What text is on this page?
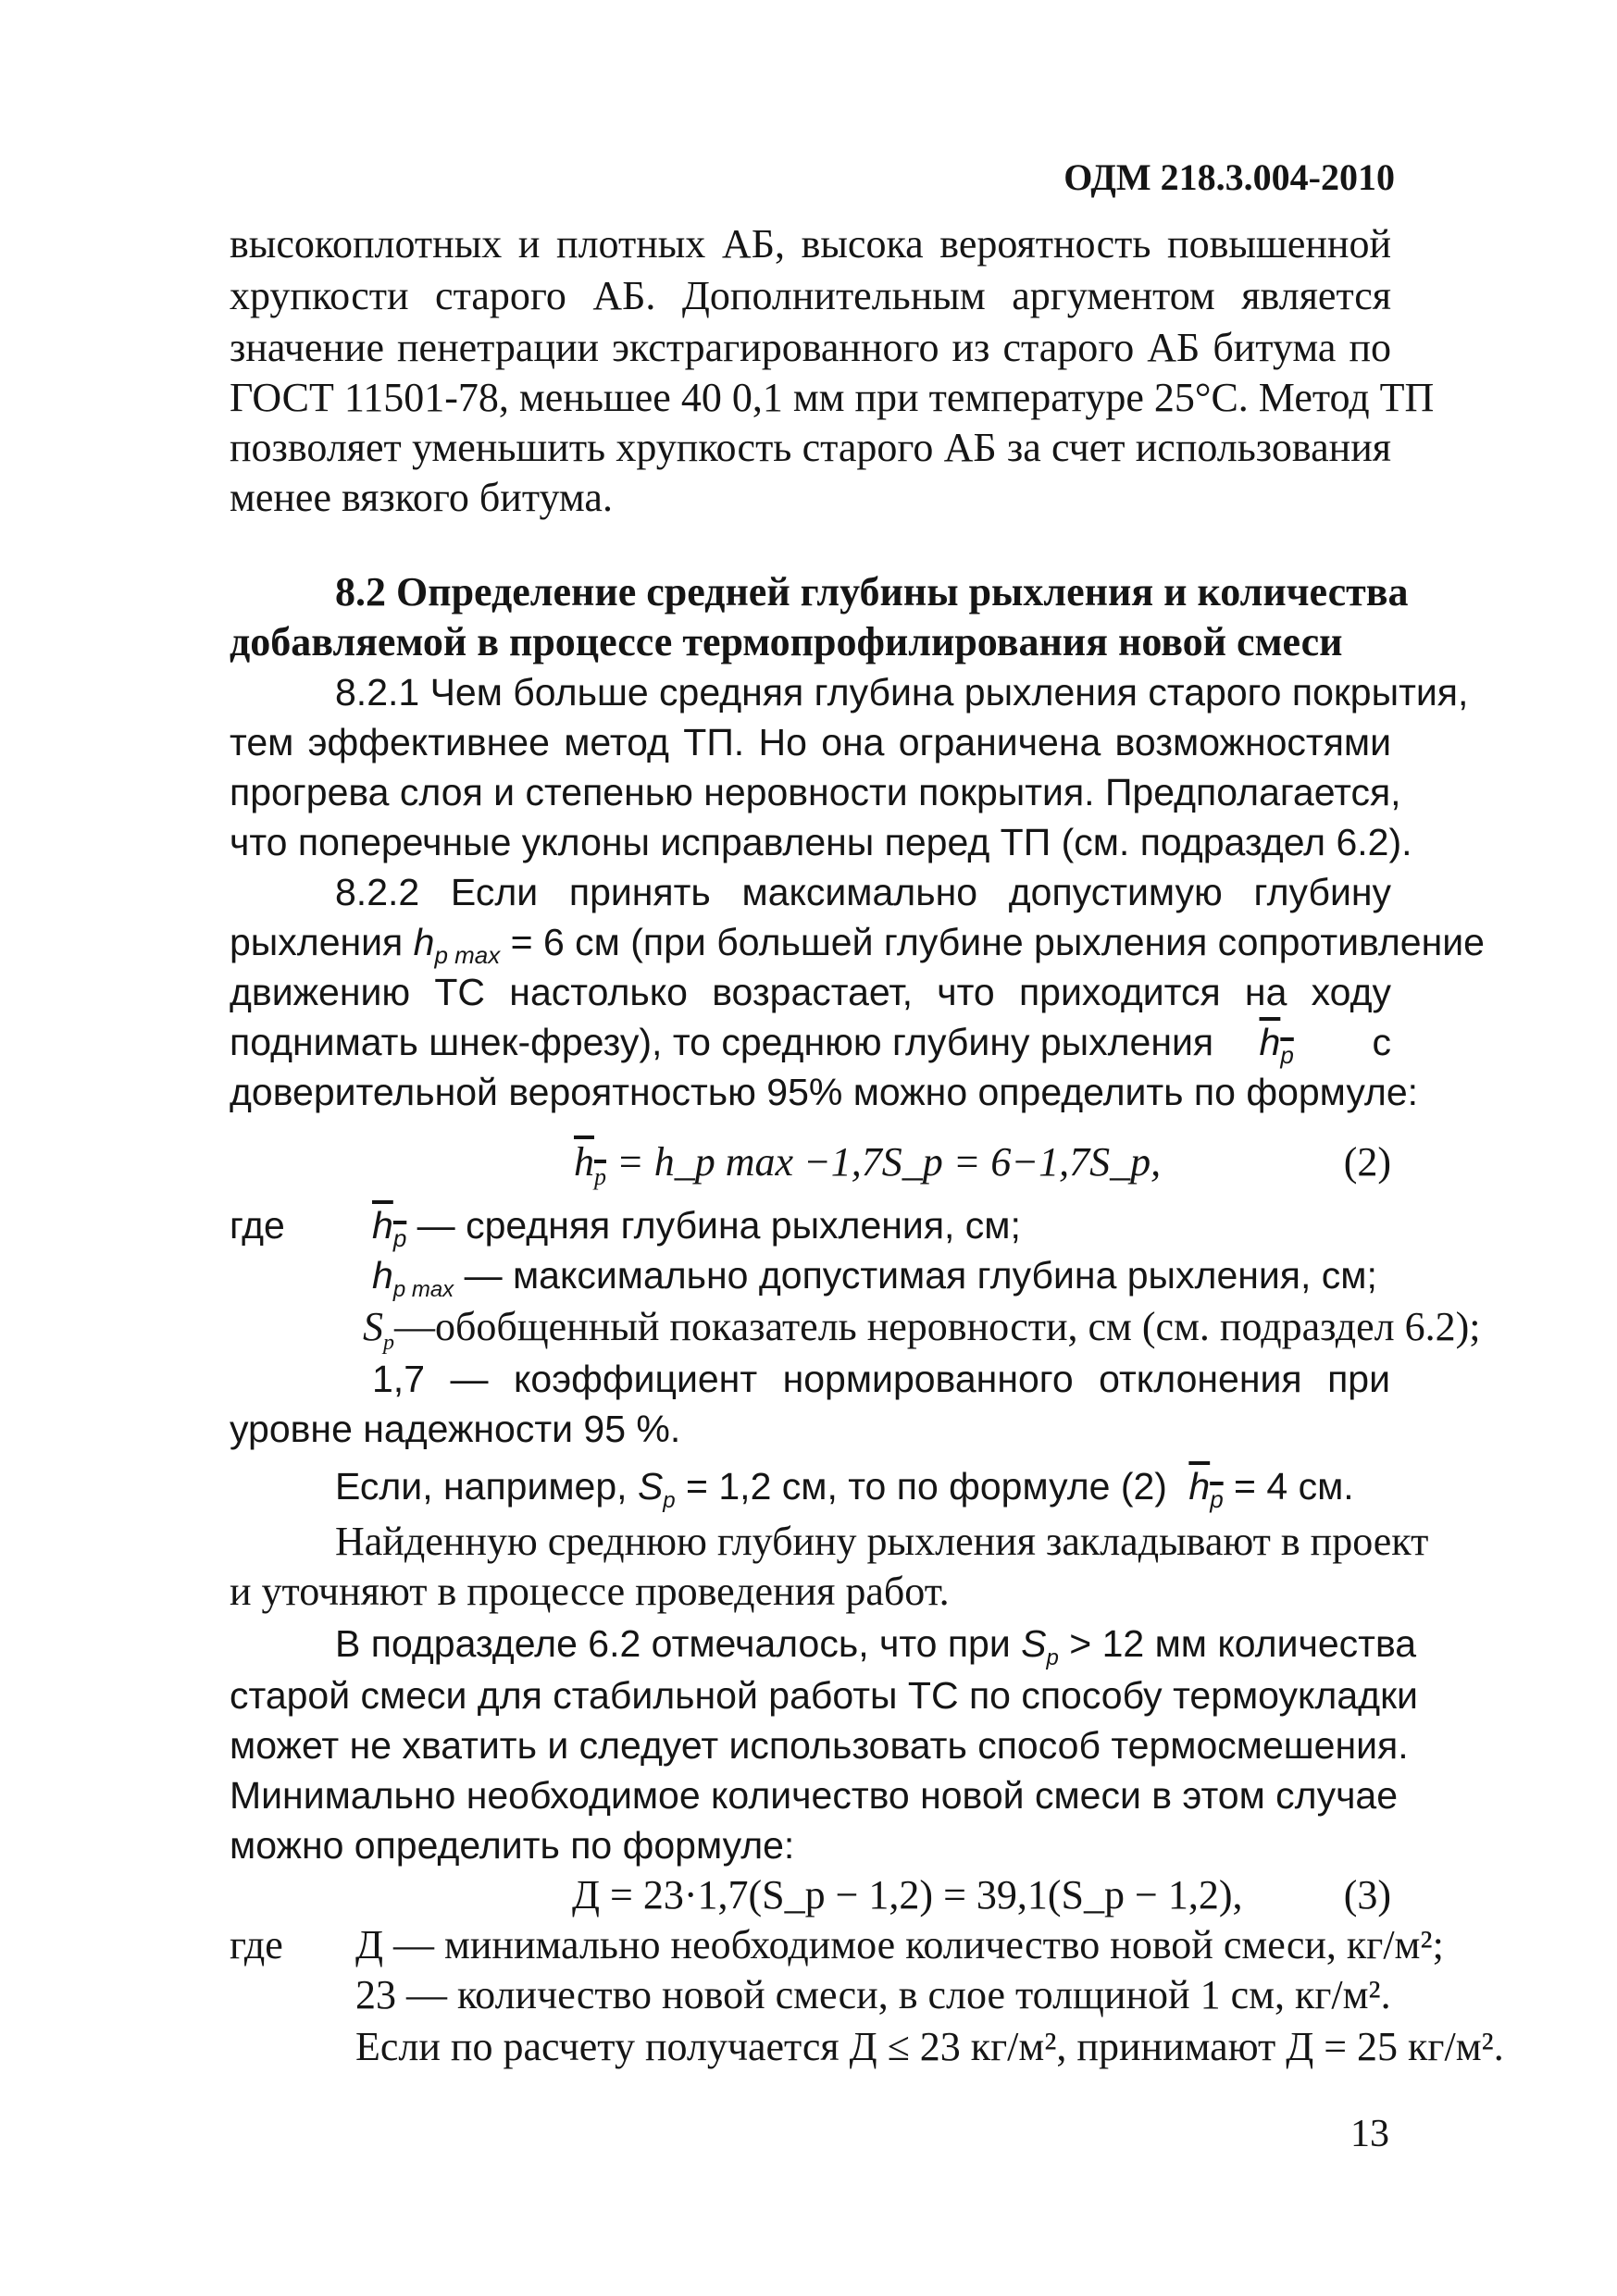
ОДМ 218.3.004-2010
высокоплотных и плотных АБ, высока вероятность повышенной
хрупкости старого АБ. Дополнительным аргументом является
значение пенетрации экстрагированного из старого АБ битума по
ГОСТ 11501-78, меньшее 40 0,1 мм при температуре 25°С. Метод ТП
позволяет уменьшить хрупкость старого АБ за счет использования
менее вязкого битума.
8.2 Определение средней глубины рыхления и количества
добавляемой в процессе термопрофилирования новой смеси
8.2.1 Чем больше средняя глубина рыхления старого покрытия,
тем эффективнее метод ТП. Но она ограничена возможностями
прогрева слоя и степенью неровности покрытия. Предполагается,
что поперечные уклоны исправлены перед ТП (см. подраздел 6.2).
8.2.2 Если принять максимально допустимую глубину
рыхления $h_{p max} = 6$ см (при большей глубине рыхления сопротивление
движению ТС настолько возрастает, что приходится на ходу
поднимать шнек-фрезу), то среднюю глубину рыхления $h_p$ с
доверительной вероятностью 95% можно определить по формуле:
$h_p$ = h_p max −1,7S_p = 6−1,7S_p,	(2)
где	$h_p$ — средняя глубина рыхления, см;
$h_{p max}$ — максимально допустимая глубина рыхления, см;
$S_p—обобщенный$ показатель неровности, см (см. подраздел 6.2);
1,7 — коэффициент нормированного отклонения при
уровне надежности 95 %.
Если, например, $S_p = 1,2$ см, то по формуле (2) $h_p = 4$ см.
Найденную среднюю глубину рыхления закладывают в проект
и уточняют в процессе проведения работ.
В подразделе 6.2 отмечалось, что при $S_p > 12$ мм количества
старой смеси для стабильной работы ТС по способу термоукладки
может не хватить и следует использовать способ термосмешения.
Минимально необходимое количество новой смеси в этом случае
можно определить по формуле:
Д = 23·1,7(S_p − 1,2) = 39,1(S_p − 1,2), (3)
где	Д — минимально необходимое количество новой смеси, кг/м²;
23 — количество новой смеси, в слое толщиной 1 см, кг/м².
Если по расчету получается Д ≤ 23 кг/м², принимают Д = 25 кг/м².
13
